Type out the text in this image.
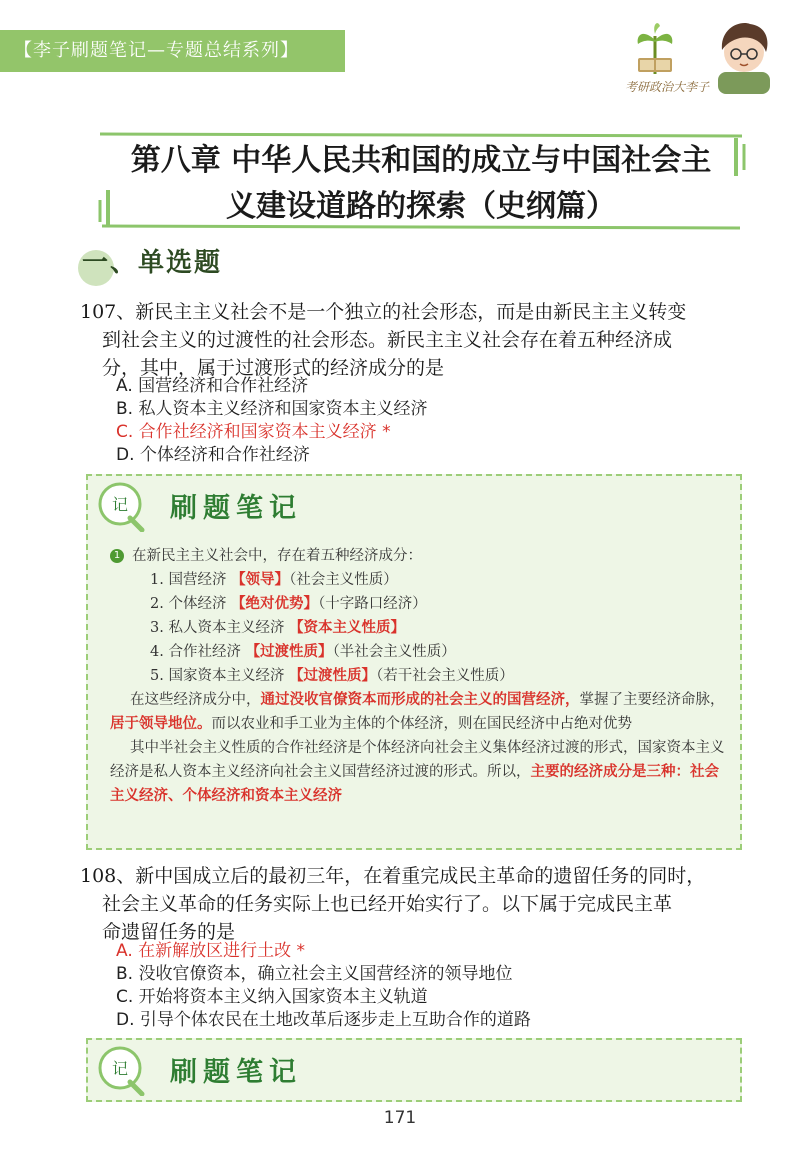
【李子刷题笔记—专题总结系列】
考研政治大李子
第八章 中华人民共和国的成立与中国社会主
义建设道路的探索（史纲篇）
一、单选题
107、新民主主义社会不是一个独立的社会形态，而是由新民主主义转变
到社会主义的过渡性的社会形态。新民主主义社会存在着五种经济成
分，其中，属于过渡形式的经济成分的是
A. 国营经济和合作社经济
B. 私人资本主义经济和国家资本主义经济
C. 合作社经济和国家资本主义经济 *
D. 个体经济和合作社经济
记 刷题笔记
1 在新民主主义社会中，存在着五种经济成分：
1. 国营经济 【领导】（社会主义性质）
2. 个体经济 【绝对优势】（十字路口经济）
3. 私人资本主义经济 【资本主义性质】
4. 合作社经济 【过渡性质】（半社会主义性质）
5. 国家资本主义经济 【过渡性质】（若干社会主义性质）
在这些经济成分中，通过没收官僚资本而形成的社会主义的国营经济，掌握了主要经济命脉，居于领导地位。而以农业和手工业为主体的个体经济，则在国民经济中占绝对优势
其中半社会主义性质的合作社经济是个体经济向社会主义集体经济过渡的形式，国家资本主义经济是私人资本主义经济向社会主义国营经济过渡的形式。所以，主要的经济成分是三种：社会主义经济、个体经济和资本主义经济
108、新中国成立后的最初三年，在着重完成民主革命的遗留任务的同时，
社会主义革命的任务实际上也已经开始实行了。以下属于完成民主革
命遗留任务的是
A. 在新解放区进行土改 *
B. 没收官僚资本，确立社会主义国营经济的领导地位
C. 开始将资本主义纳入国家资本主义轨道
D. 引导个体农民在土地改革后逐步走上互助合作的道路
记 刷题笔记
171
